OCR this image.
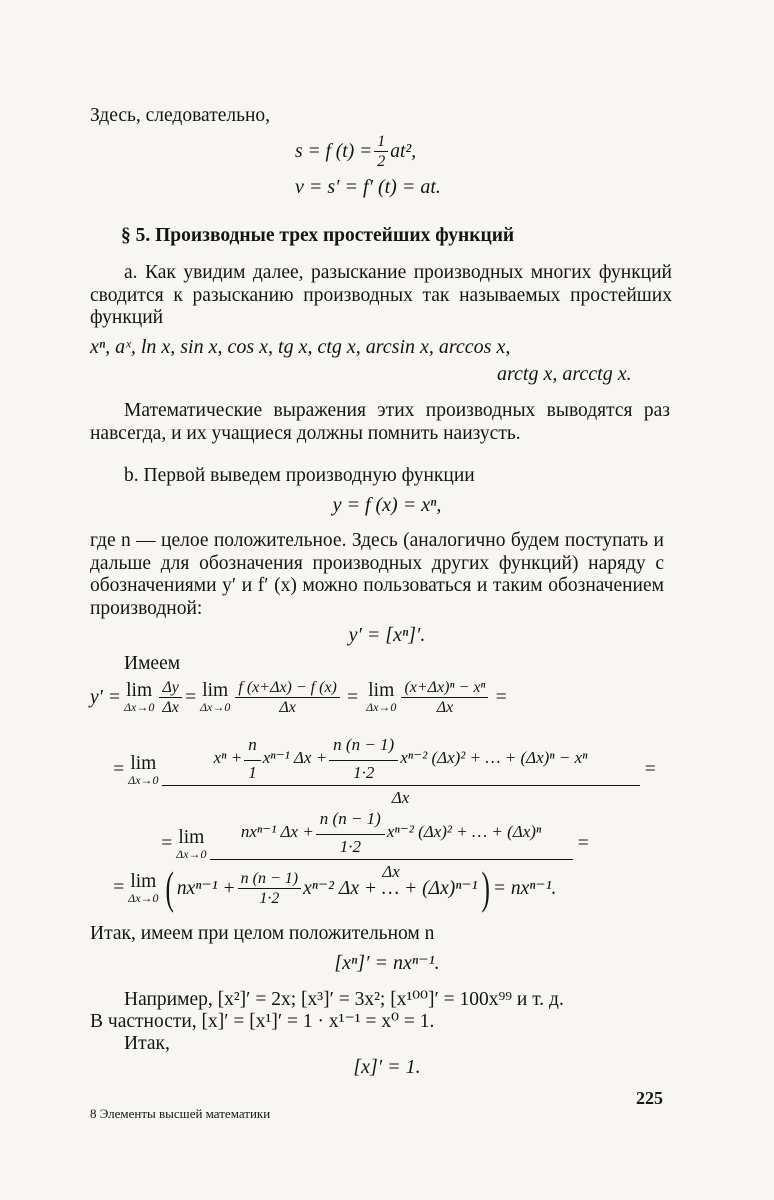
Здесь, следовательно,
s = f $(t) = \frac{1}{2} at^2$,
v = s′ = f′ (t) = at.
§ 5. Производные трех простейших функций
а. Как увидим далее, разыскание производных многих функций сводится к разысканию производных так называемых простейших функций
xⁿ, aˣ, ln x, sin x, cos x, tg x, ctg x, arcsin x, arccos x,
arctg x, arcctg x.
Математические выражения этих производных выводятся раз навсегда, и их учащиеся должны помнить наизусть.
b. Первой выведем производную функции
y = f (x) = xⁿ,
где n — целое положительное. Здесь (аналогично будем поступать и дальше для обозначения производных других функций) наряду с обозначениями y′ и f′ (x) можно пользоваться и таким обозначением производной:
y′ = [xⁿ]′.
Имеем
y′ = lim
$\Delta x\to 0 \frac{\Delta y}{\Delta x} = \lim$
$\Delta x\to 0 \frac{f (x+\Delta x) - f (x)}{\Delta x} = \lim$
$\Delta x\to 0 \frac{\text{(x+Δx)ⁿ − xⁿ}}{\Delta x}$ =
= lim
Δx→0
$x^n + \frac{n}{1} x^{n-1}$ $\Delta x + \frac{n (n - 1)}{1\cdot 2} x^{n-2}$ (Δx)² + … + (Δx)ⁿ − xⁿ
Δx
=
= lim
Δx→0
nxⁿ⁻¹ $\Delta x + \frac{n (n - 1)}{1\cdot 2} x^{n-2}$ (Δx)² + … + (Δx)ⁿ
Δx
=
= lim
Δx→0 ( $nx^{n-1} + \frac{n (n - 1)}{1\cdot 2} x^{n-2}$ Δx + … + (Δx)ⁿ⁻¹ ) = nxⁿ⁻¹.
Итак, имеем при целом положительном n
[xⁿ]′ = nxⁿ⁻¹.
Например, [x²]′ = 2x; [x³]′ = 3x²; [x¹⁰⁰]′ = 100x⁹⁹ и т. д.
В частности, [x]′ = [x¹]′ = 1 · x¹⁻¹ = x⁰ = 1.
Итак,
[x]′ = 1.
8 Элементы высшей математики
225
